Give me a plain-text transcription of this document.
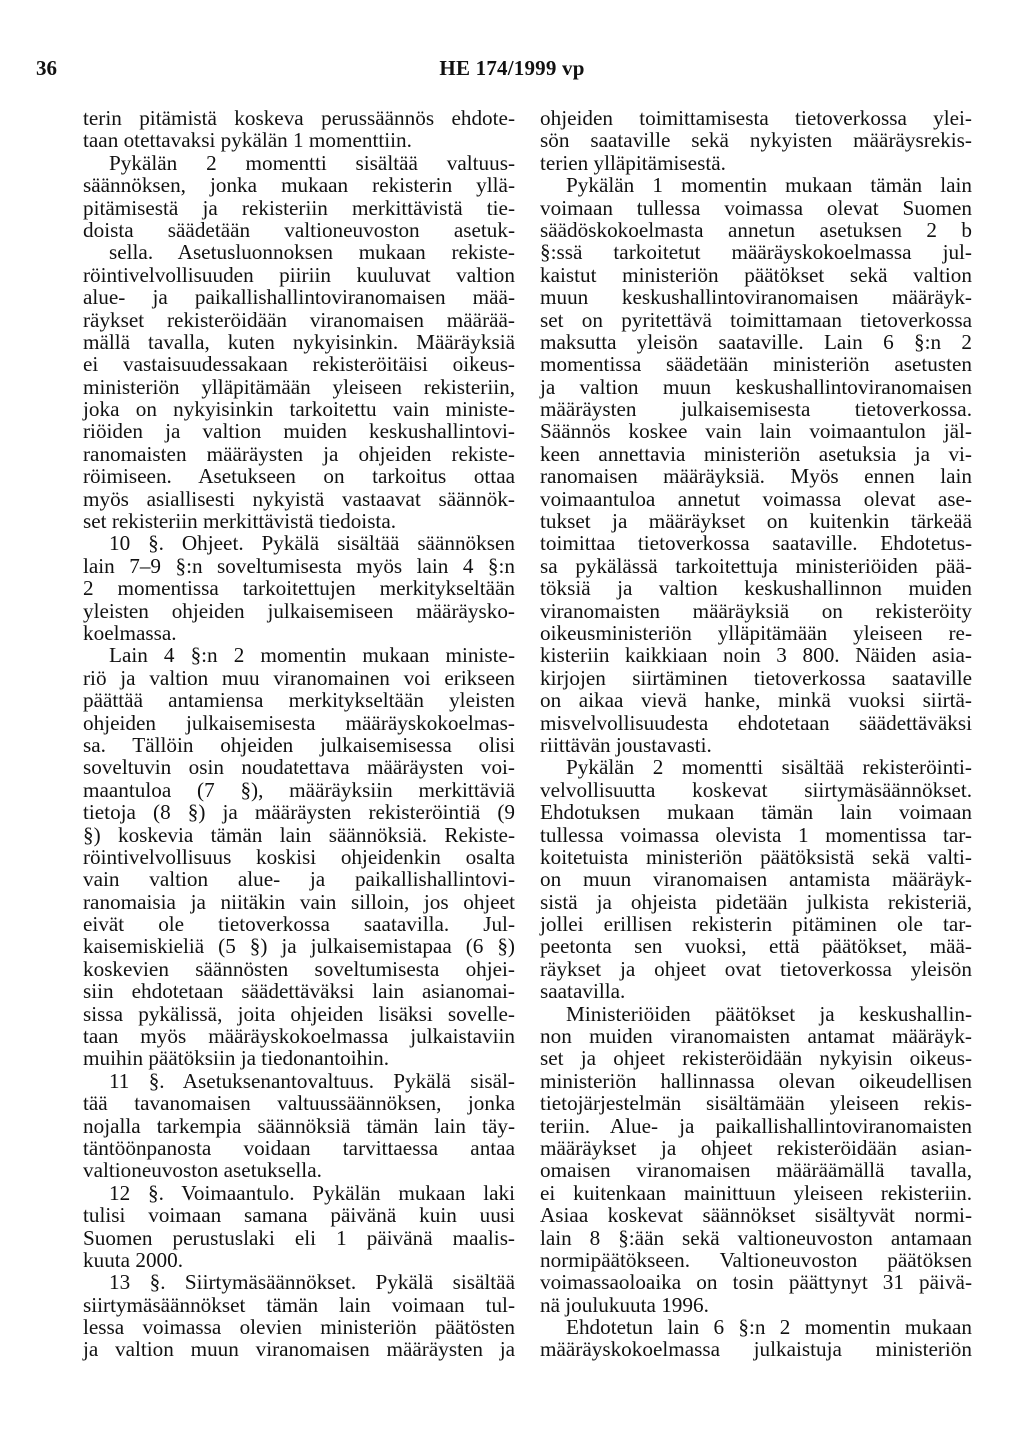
36	HE 174/1999 vp
terin pitämistä koskeva perussäännös ehdote-
taan otettavaksi pykälän 1 momenttiin.
Pykälän 2 momentti sisältää valtuus-
säännöksen, jonka mukaan rekisterin yllä-
pitämisestä ja rekisteriin merkittävistä tie-
doista säädetään valtioneuvoston asetuk-
sella. Asetusluonnoksen mukaan rekiste-
röintivelvollisuuden piiriin kuuluvat valtion
alue- ja paikallishallintoviranomaisen mää-
räykset rekisteröidään viranomaisen määrää-
mällä tavalla, kuten nykyisinkin. Määräyksiä
ei vastaisuudessakaan rekisteröitäisi oikeus-
ministeriön ylläpitämään yleiseen rekisteriin,
joka on nykyisinkin tarkoitettu vain ministe-
riöiden ja valtion muiden keskushallintovi-
ranomaisten määräysten ja ohjeiden rekiste-
röimiseen. Asetukseen on tarkoitus ottaa
myös asiallisesti nykyistä vastaavat säännök-
set rekisteriin merkittävistä tiedoista.
10 §. Ohjeet. Pykälä sisältää säännöksen
lain 7–9 §:n soveltumisesta myös lain 4 §:n
2 momentissa tarkoitettujen merkitykseltään
yleisten ohjeiden julkaisemiseen määräysko-
koelmassa.
Lain 4 §:n 2 momentin mukaan ministe-
riö ja valtion muu viranomainen voi erikseen
päättää antamiensa merkitykseltään yleisten
ohjeiden julkaisemisesta määräyskokoelmas-
sa. Tällöin ohjeiden julkaisemisessa olisi
soveltuvin osin noudatettava määräysten voi-
maantuloa (7 §), määräyksiin merkittäviä
tietoja (8 §) ja määräysten rekisteröintiä (9
§) koskevia tämän lain säännöksiä. Rekiste-
röintivelvollisuus koskisi ohjeidenkin osalta
vain valtion alue- ja paikallishallintovi-
ranomaisia ja niitäkin vain silloin, jos ohjeet
eivät ole tietoverkossa saatavilla. Jul-
kaisemiskieliä (5 §) ja julkaisemistapaa (6 §)
koskevien säännösten soveltumisesta ohjei-
siin ehdotetaan säädettäväksi lain asianomai-
sissa pykälissä, joita ohjeiden lisäksi sovelle-
taan myös määräyskokoelmassa julkaistaviin
muihin päätöksiin ja tiedonantoihin.
11 §. Asetuksenantovaltuus. Pykälä sisäl-
tää tavanomaisen valtuussäännöksen, jonka
nojalla tarkempia säännöksiä tämän lain täy-
täntöönpanosta voidaan tarvittaessa antaa
valtioneuvoston asetuksella.
12 §. Voimaantulo. Pykälän mukaan laki
tulisi voimaan samana päivänä kuin uusi
Suomen perustuslaki eli 1 päivänä maalis-
kuuta 2000.
13 §. Siirtymäsäännökset. Pykälä sisältää
siirtymäsäännökset tämän lain voimaan tul-
lessa voimassa olevien ministeriön päätösten
ja valtion muun viranomaisen määräysten ja
ohjeiden toimittamisesta tietoverkossa ylei-
sön saataville sekä nykyisten määräysrekis-
terien ylläpitämisestä.
Pykälän 1 momentin mukaan tämän lain
voimaan tullessa voimassa olevat Suomen
säädöskokoelmasta annetun asetuksen 2 b
§:ssä tarkoitetut määräyskokoelmassa jul-
kaistut ministeriön päätökset sekä valtion
muun keskushallintoviranomaisen määräyk-
set on pyritettävä toimittamaan tietoverkossa
maksutta yleisön saataville. Lain 6 §:n 2
momentissa säädetään ministeriön asetusten
ja valtion muun keskushallintoviranomaisen
määräysten julkaisemisesta tietoverkossa.
Säännös koskee vain lain voimaantulon jäl-
keen annettavia ministeriön asetuksia ja vi-
ranomaisen määräyksiä. Myös ennen lain
voimaantuloa annetut voimassa olevat ase-
tukset ja määräykset on kuitenkin tärkeää
toimittaa tietoverkossa saataville. Ehdotetus-
sa pykälässä tarkoitettuja ministeriöiden pää-
töksiä ja valtion keskushallinnon muiden
viranomaisten määräyksiä on rekisteröity
oikeusministeriön ylläpitämään yleiseen re-
kisteriin kaikkiaan noin 3 800. Näiden asia-
kirjojen siirtäminen tietoverkossa saataville
on aikaa vievä hanke, minkä vuoksi siirtä-
misvelvollisuudesta ehdotetaan säädettäväksi
riittävän joustavasti.
Pykälän 2 momentti sisältää rekisteröinti-
velvollisuutta koskevat siirtymäsäännökset.
Ehdotuksen mukaan tämän lain voimaan
tullessa voimassa olevista 1 momentissa tar-
koitetuista ministeriön päätöksistä sekä valti-
on muun viranomaisen antamista määräyk-
sistä ja ohjeista pidetään julkista rekisteriä,
jollei erillisen rekisterin pitäminen ole tar-
peetonta sen vuoksi, että päätökset, mää-
räykset ja ohjeet ovat tietoverkossa yleisön
saatavilla.
Ministeriöiden päätökset ja keskushallin-
non muiden viranomaisten antamat määräyk-
set ja ohjeet rekisteröidään nykyisin oikeus-
ministeriön hallinnassa olevan oikeudellisen
tietojärjestelmän sisältämään yleiseen rekis-
teriin. Alue- ja paikallishallintoviranomaisten
määräykset ja ohjeet rekisteröidään asian-
omaisen viranomaisen määräämällä tavalla,
ei kuitenkaan mainittuun yleiseen rekisteriin.
Asiaa koskevat säännökset sisältyvät normi-
lain 8 §:ään sekä valtioneuvoston antamaan
normipäätökseen. Valtioneuvoston päätöksen
voimassaoloaika on tosin päättynyt 31 päivä-
nä joulukuuta 1996.
Ehdotetun lain 6 §:n 2 momentin mukaan
määräyskokoelmassa julkaistuja ministeriön
